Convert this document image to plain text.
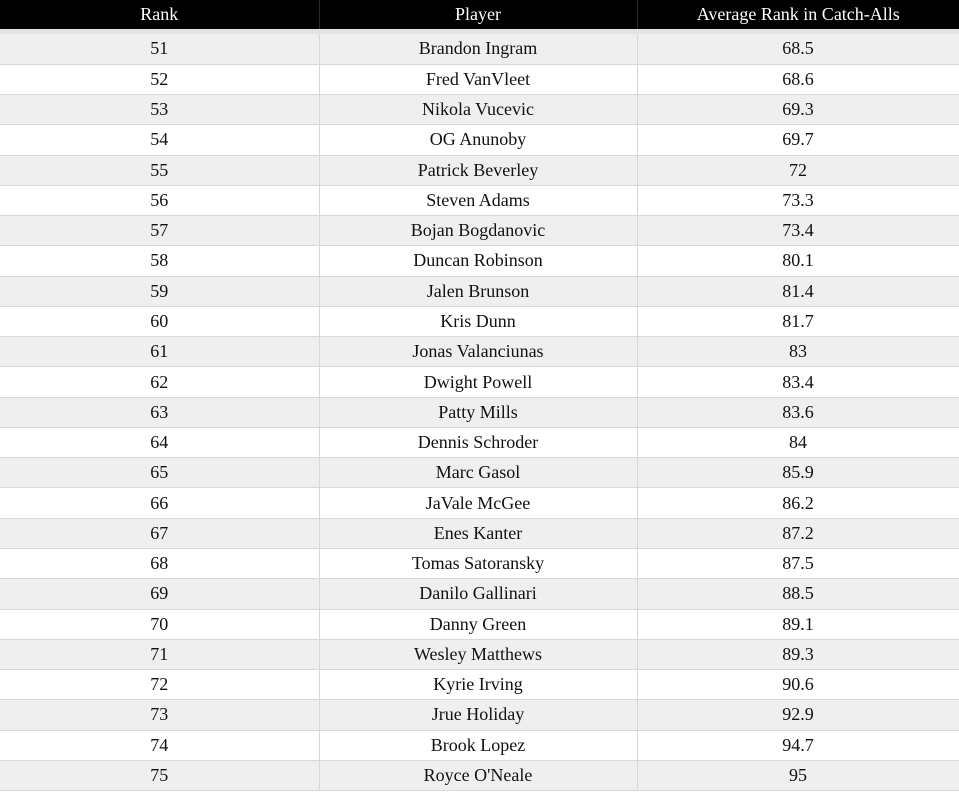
Rank	Player	Average Rank in Catch-Alls

51	Brandon Ingram	68.5
52	Fred VanVleet	68.6
53	Nikola Vucevic	69.3
54	OG Anunoby	69.7
55	Patrick Beverley	72
56	Steven Adams	73.3
57	Bojan Bogdanovic	73.4
58	Duncan Robinson	80.1
59	Jalen Brunson	81.4
60	Kris Dunn	81.7
61	Jonas Valanciunas	83
62	Dwight Powell	83.4
63	Patty Mills	83.6
64	Dennis Schroder	84
65	Marc Gasol	85.9
66	JaVale McGee	86.2
67	Enes Kanter	87.2
68	Tomas Satoransky	87.5
69	Danilo Gallinari	88.5
70	Danny Green	89.1
71	Wesley Matthews	89.3
72	Kyrie Irving	90.6
73	Jrue Holiday	92.9
74	Brook Lopez	94.7
75	Royce O'Neale	95
